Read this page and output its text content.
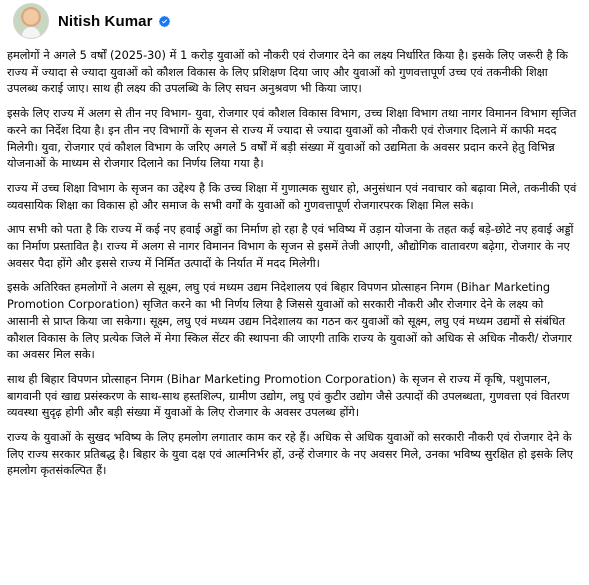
Nitish Kumar

हमलोगों ने अगले 5 वर्षों (2025-30) में 1 करोड़ युवाओं को नौकरी एवं रोजगार देने का लक्ष्य निर्धारित किया है। इसके लिए जरूरी है कि राज्य में ज्यादा से ज्यादा युवाओं को कौशल विकास के लिए प्रशिक्षण दिया जाए और युवाओं को गुणवत्तापूर्ण उच्च एवं तकनीकी शिक्षा उपलब्ध कराई जाए। साथ ही लक्ष्य की उपलब्धि के लिए सघन अनुश्रवण भी किया जाए।

इसके लिए राज्य में अलग से तीन नए विभाग- युवा, रोजगार एवं कौशल विकास विभाग, उच्च शिक्षा विभाग तथा नागर विमानन विभाग सृजित करने का निर्देश दिया है। इन तीन नए विभागों के सृजन से राज्य में ज्यादा से ज्यादा युवाओं को नौकरी एवं रोजगार दिलाने में काफी मदद मिलेगी। युवा, रोजगार एवं कौशल विभाग के जरिए अगले 5 वर्षों में बड़ी संख्या में युवाओं को उद्यमिता के अवसर प्रदान करने हेतु विभिन्न योजनाओं के माध्यम से रोजगार दिलाने का निर्णय लिया गया है।

राज्य में उच्च शिक्षा विभाग के सृजन का उद्देश्य है कि उच्च शिक्षा में गुणात्मक सुधार हो, अनुसंधान एवं नवाचार को बढ़ावा मिले, तकनीकी एवं व्यवसायिक शिक्षा का विकास हो और समाज के सभी वर्गों के युवाओं को गुणवत्तापूर्ण रोजगारपरक शिक्षा मिल सके।

आप सभी को पता है कि राज्य में कई नए हवाई अड्डों का निर्माण हो रहा है एवं भविष्य में उड़ान योजना के तहत कई बड़े-छोटे नए हवाई अड्डों का निर्माण प्रस्तावित है। राज्य में अलग से नागर विमानन विभाग के सृजन से इसमें तेजी आएगी, औद्योगिक वातावरण बढ़ेगा, रोजगार के नए अवसर पैदा होंगे और इससे राज्य में निर्मित उत्पादों के निर्यात में मदद मिलेगी।

इसके अतिरिक्त हमलोगों ने अलग से सूक्ष्म, लघु एवं मध्यम उद्यम निदेशालय एवं बिहार विपणन प्रोत्साहन निगम (Bihar Marketing Promotion Corporation) सृजित करने का भी निर्णय लिया है जिससे युवाओं को सरकारी नौकरी और रोजगार देने के लक्ष्य को आसानी से प्राप्त किया जा सकेगा। सूक्ष्म, लघु एवं मध्यम उद्यम निदेशालय का गठन कर युवाओं को सूक्ष्म, लघु एवं मध्यम उद्यमों से संबंधित कौशल विकास के लिए प्रत्येक जिले में मेगा स्किल सेंटर की स्थापना की जाएगी ताकि राज्य के युवाओं को अधिक से अधिक नौकरी/ रोजगार का अवसर मिल सके।

साथ ही बिहार विपणन प्रोत्साहन निगम (Bihar Marketing Promotion Corporation) के सृजन से राज्य में कृषि, पशुपालन, बागवानी एवं खाद्य प्रसंस्करण के साथ-साथ हस्तशिल्प, ग्रामीण उद्योग, लघु एवं कुटीर उद्योग जैसे उत्पादों की उपलब्धता, गुणवत्ता एवं वितरण व्यवस्था सुदृढ़ होगी और बड़ी संख्या में युवाओं के लिए रोजगार के अवसर उपलब्ध होंगे।

राज्य के युवाओं के सुखद भविष्य के लिए हमलोग लगातार काम कर रहे हैं। अधिक से अधिक युवाओं को सरकारी नौकरी एवं रोजगार देने के लिए राज्य सरकार प्रतिबद्ध है। बिहार के युवा दक्ष एवं आत्मनिर्भर हों, उन्हें रोजगार के नए अवसर मिले, उनका भविष्य सुरक्षित हो इसके लिए हमलोग कृतसंकल्पित हैं।
